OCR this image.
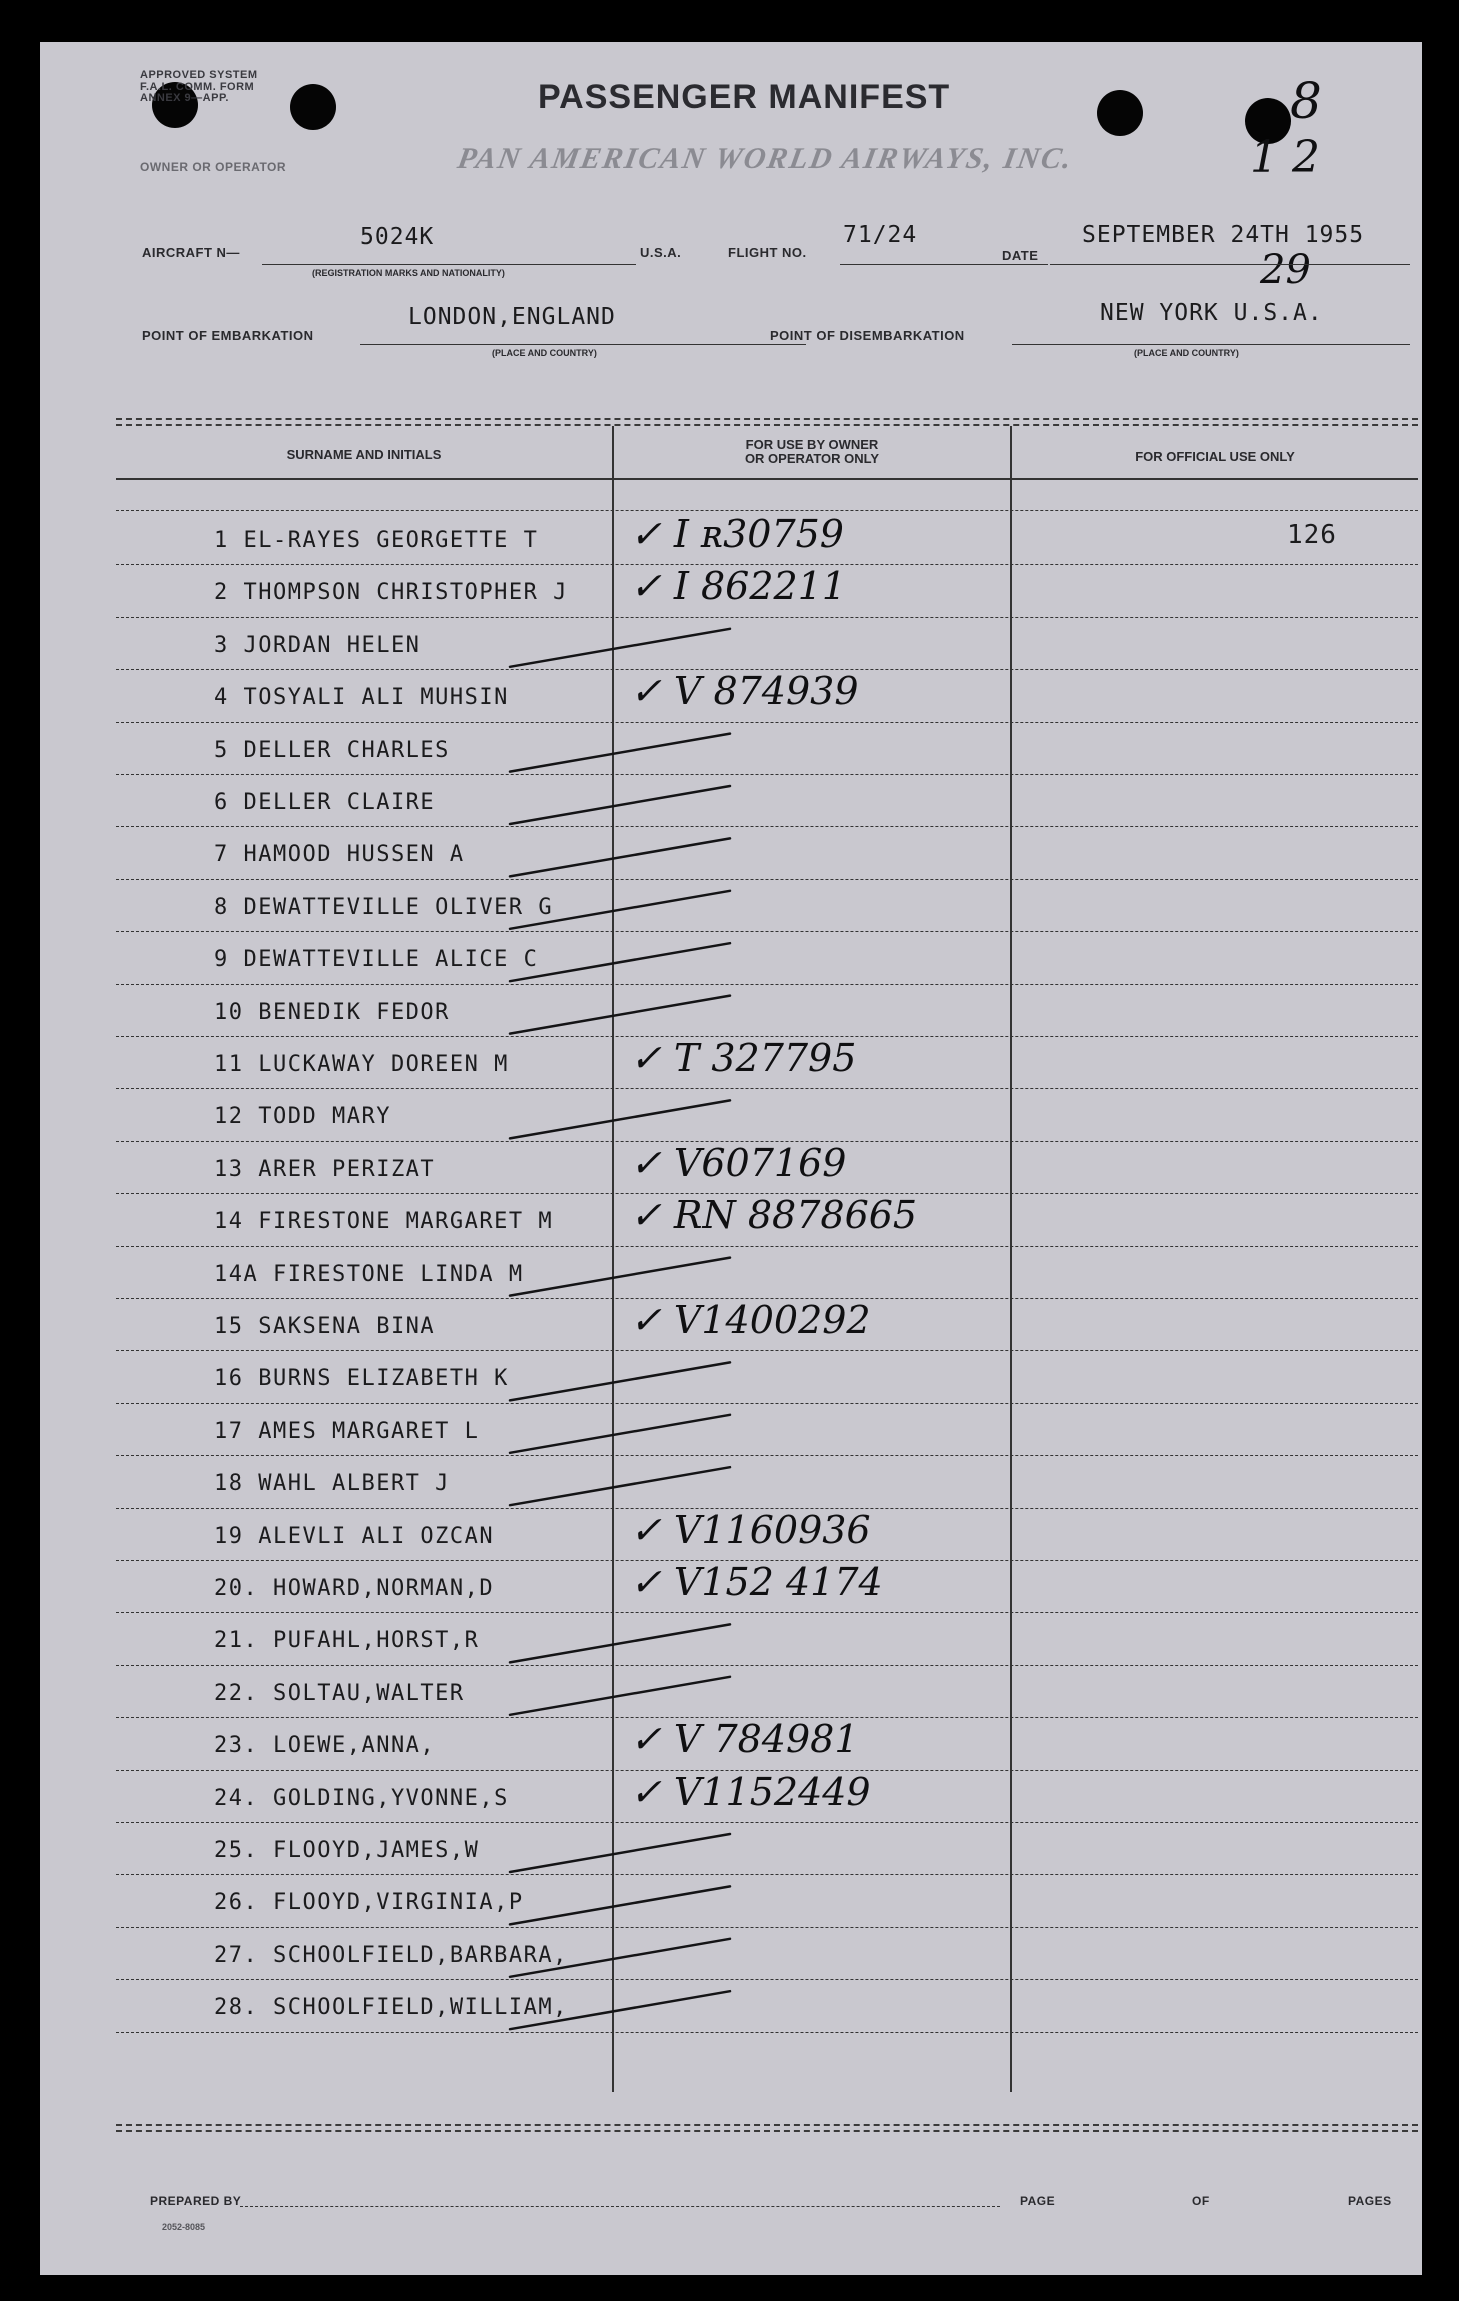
APPROVED SYSTEM F.A.L. COMM. FORM ANNEX 9—APP.	PASSENGER MANIFEST
OWNER OR OPERATOR	PAN AMERICAN WORLD AIRWAYS, INC.
8
1 2
29
AIRCRAFT N—
5024K
(REGISTRATION MARKS AND NATIONALITY)
U.S.A.	FLIGHT NO.
71/24
DATE
SEPTEMBER 24TH 1955
POINT OF EMBARKATION
LONDON,ENGLAND
(PLACE AND COUNTRY)
POINT OF DISEMBARKATION
NEW YORK U.S.A.
(PLACE AND COUNTRY)
SURNAME AND INITIALS
FOR USE BY OWNER
OR OPERATOR ONLY	FOR OFFICIAL USE ONLY
1 EL-RAYES GEORGETTE T ✓ I ʀ30759	126
2 THOMPSON CHRISTOPHER J ✓ I 862211
3 JORDAN HELEN
4 TOSYALI ALI MUHSIN	✓ V 874939
5 DELLER CHARLES
6 DELLER CLAIRE
7 HAMOOD HUSSEN A
8 DEWATTEVILLE OLIVER G
9 DEWATTEVILLE ALICE C
10 BENEDIK FEDOR
11 LUCKAWAY DOREEN M	✓ T 327795
12 TODD MARY
13 ARER PERIZAT	✓ V607169
14 FIRESTONE MARGARET M ✓ RN 8878665
14A FIRESTONE LINDA M
15 SAKSENA BINA	✓ V1400292
16 BURNS ELIZABETH K
17 AMES MARGARET L
18 WAHL ALBERT J
19 ALEVLI ALI OZCAN	✓ V1160936
20. HOWARD,NORMAN,D	✓ V152 4174
21. PUFAHL,HORST,R
22. SOLTAU,WALTER
23. LOEWE,ANNA,	✓ V 784981
24. GOLDING,YVONNE,S	✓ V1152449
25. FLOOYD,JAMES,W
26. FLOOYD,VIRGINIA,P
27. SCHOOLFIELD,BARBARA,
28. SCHOOLFIELD,WILLIAM,
PREPARED BY	PAGE	OF	PAGES
2052-8085
